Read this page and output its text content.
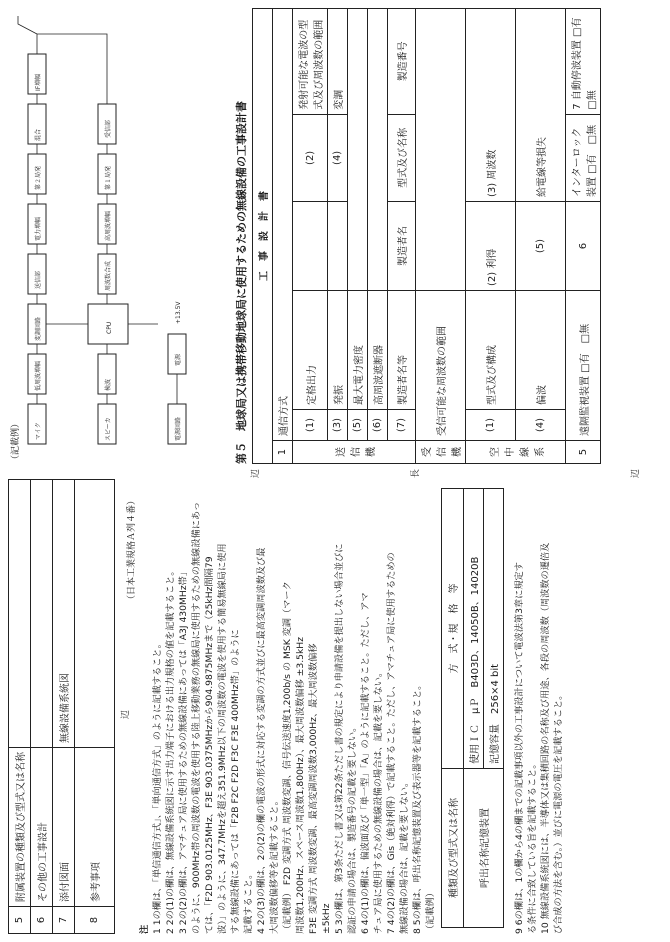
5	附属装置の種類及び型式又は名称	
6	その他の工事設計	
7	添付図面	無線設備系統図
8	参考事項	
（日本工業規格Ａ列４番）
辺
注 1 1の欄は、「単信通信方式」、「単向通信方式」のように記載すること。 2 2の(1)の欄は、無線設備系統図に示す出力端子における出力規格の値を記載すること。 3 2の(2)の欄は、アマチュア局に使用するための無線設備にあっては「A3J 430MHz帯」 のように、900MHz帯の周波数の電波を使用する陸上移動業務の無線局に使用するための無線設備にあっ ては、「F2D 903.0125MHz、F3E 903.0375MHzから904.9875MHzまで（25kHz間隔79 波）」のように、347.7MHzを超え351.9MHz以下の周波数の電波を使用する簡易無線局に使用 する無線設備にあっては「F2B F2C F2D F3C F3E 400MHz帯」のように 記載すること。 4 2の(3)の欄は、2の(2)の欄の電波の形式に対応する変調の方式並びに最高変調周波数及び最 大周波数偏移等を記載すること。 （記載例） F2D 変調方式 周波数変調、信号伝送速度1,200b/s の MSK 変調（マーク 周波数1,200Hz、スペース周波数1,800Hz）、最大周波数偏移 ±3.5kHz F3E 変調方式 周波数変調、最高変調周波数3,000Hz、最大周波数偏移 ±5kHz 5 3の欄は、第3条ただし書又は第22条ただし書の規定により申請設備を提出しない場合並びに 認証の申請の場合は、製造番号の記載を要しない。 6 4の(1)の欄は、偏波面及び「単一型」「A」のように記載すること。ただし、アマ チュア局に使用するための無線設備の場合は、記載を要しない。 7 4の(2)の欄は、Gis（絶対利得）で記載すること。ただし、アマチュア局に使用するための 無線設備の場合は、記載を要しない。 8 5の欄は、呼出名称記憶装置及び表示器等を記載すること。 （記載例）
種類及び型式又は名称	方　式・規　格　等
呼出名称記憶装置	使用ＩＣ　μＰ　B403D、14050B、14020B
	記憶容量　256×4 bit 9 6の欄は、1の欄から4の欄までの記載事項以外の工事設計について電波法第3章に規定す る条件に合致している旨を記載すること。 10 無線設備系統図には、半導体又は集積回路の名称及び用途、各段の周波数（周波数の遷倍及 び合成の方法を含む。）並びに電源の電圧を記載すること。
（記載例） マイク
低周波増幅
変調回路
送信部
電力増幅
第２局発
混合
IF増幅
スピーカ
検波
CPU
周波数合成
高周波増幅
第１局発
受信部
電源回路
電源
+13.5V	第５　地球局又は携帯移動地球局に使用するための無線設備の工事設計書 工　事　設　計　書					
1	通信方式				
送信機	(1)	定格出力		(2)	発射可能な電波の型式及び周波数の範囲
	(3)	発振		(4)	変調
	(5)	最大電力密度			
	(6)	高周波遮断器			
	(7)	製造者名等	製造者名	型式及び名称	製造番号
受信機	受信可能な周波数の範囲				
空中線系	(1)	型式及び構成	(2) 利得	(3) 周波数	
	(4)	偏波	(5)	給電線等損失	
5	遠隔監視装置 □有　□無		6	インターロック装置 □有　□無	7 自動停波装置 □有　□無
辺	長	辺
